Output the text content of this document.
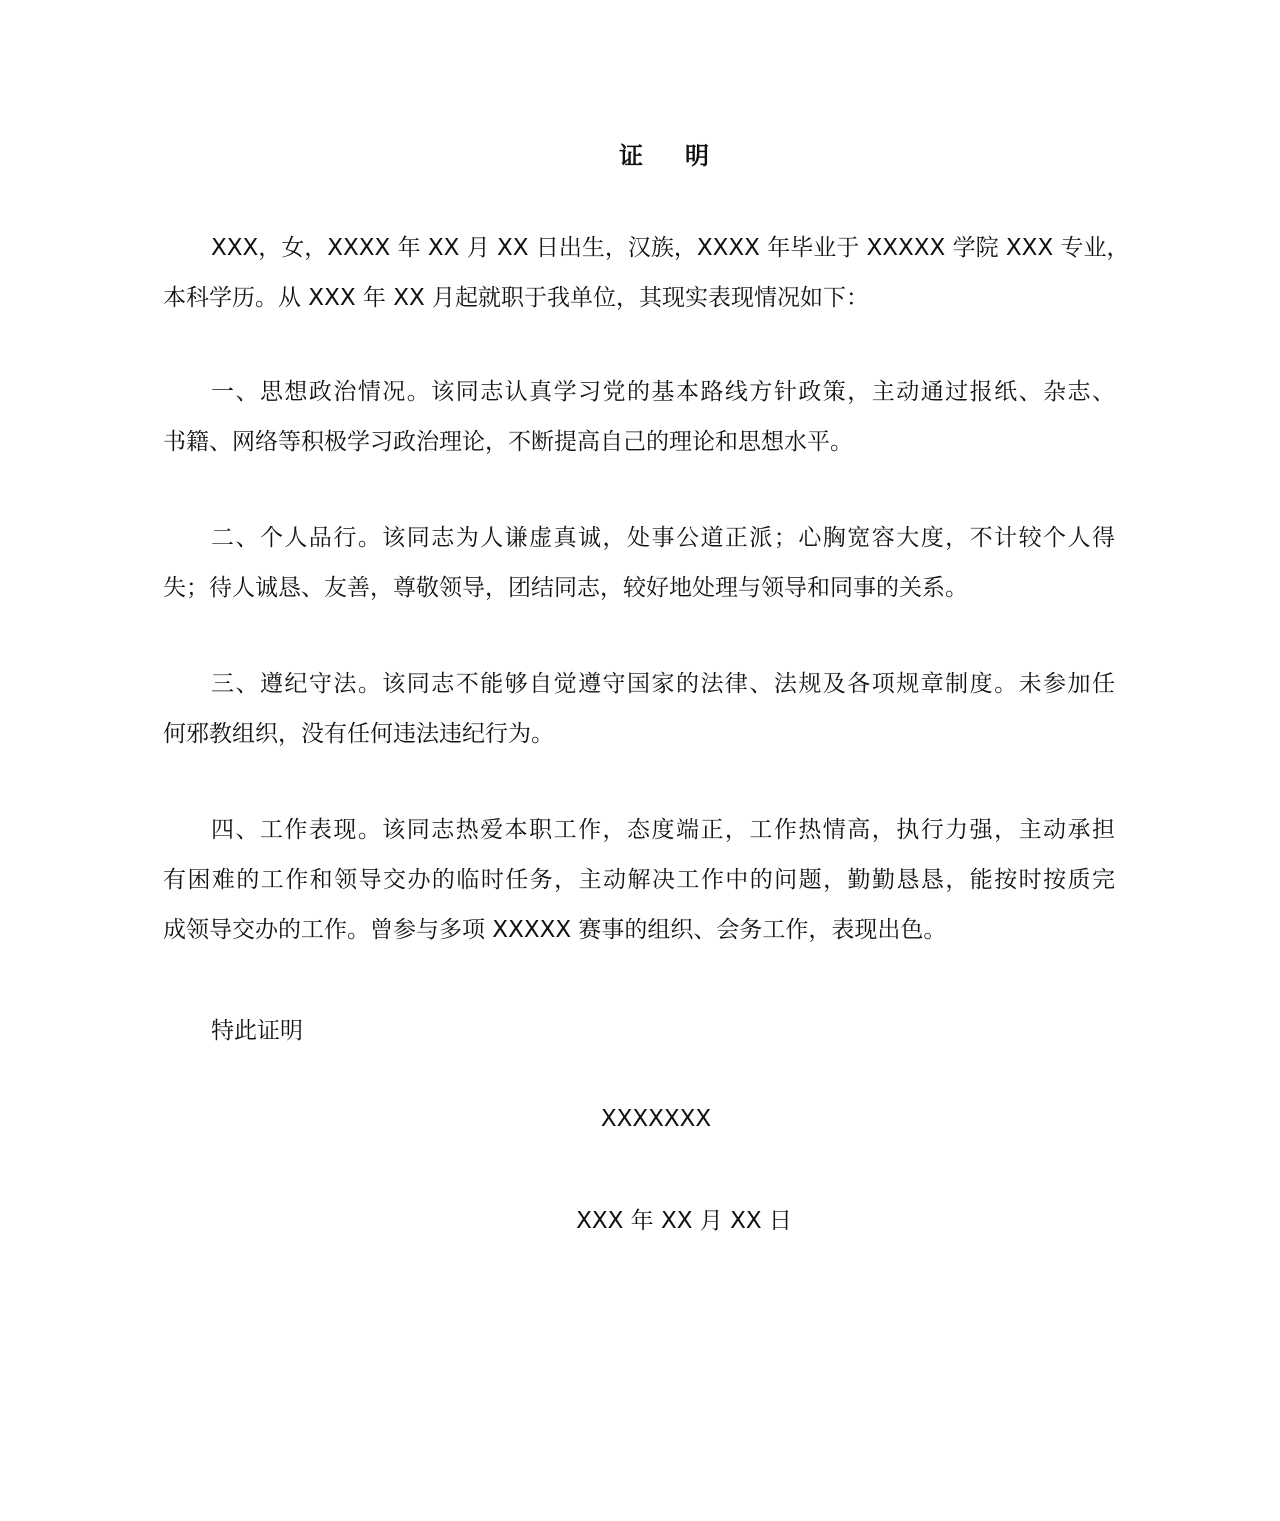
证 明
XXX，女，XXXX 年 XX 月 XX 日出生，汉族，XXXX 年毕业于 XXXXX 学院 XXX 专业，
本科学历。从 XXX 年 XX 月起就职于我单位，其现实表现情况如下：
一、思想政治情况。该同志认真学习党的基本路线方针政策，主动通过报纸、杂志、
书籍、网络等积极学习政治理论，不断提高自己的理论和思想水平。
二、个人品行。该同志为人谦虚真诚，处事公道正派；心胸宽容大度，不计较个人得
失；待人诚恳、友善，尊敬领导，团结同志，较好地处理与领导和同事的关系。
三、遵纪守法。该同志不能够自觉遵守国家的法律、法规及各项规章制度。未参加任
何邪教组织，没有任何违法违纪行为。
四、工作表现。该同志热爱本职工作，态度端正，工作热情高，执行力强，主动承担
有困难的工作和领导交办的临时任务，主动解决工作中的问题，勤勤恳恳，能按时按质完
成领导交办的工作。曾参与多项 XXXXX 赛事的组织、会务工作，表现出色。
特此证明
XXXXXXX
XXX 年 XX 月 XX 日
